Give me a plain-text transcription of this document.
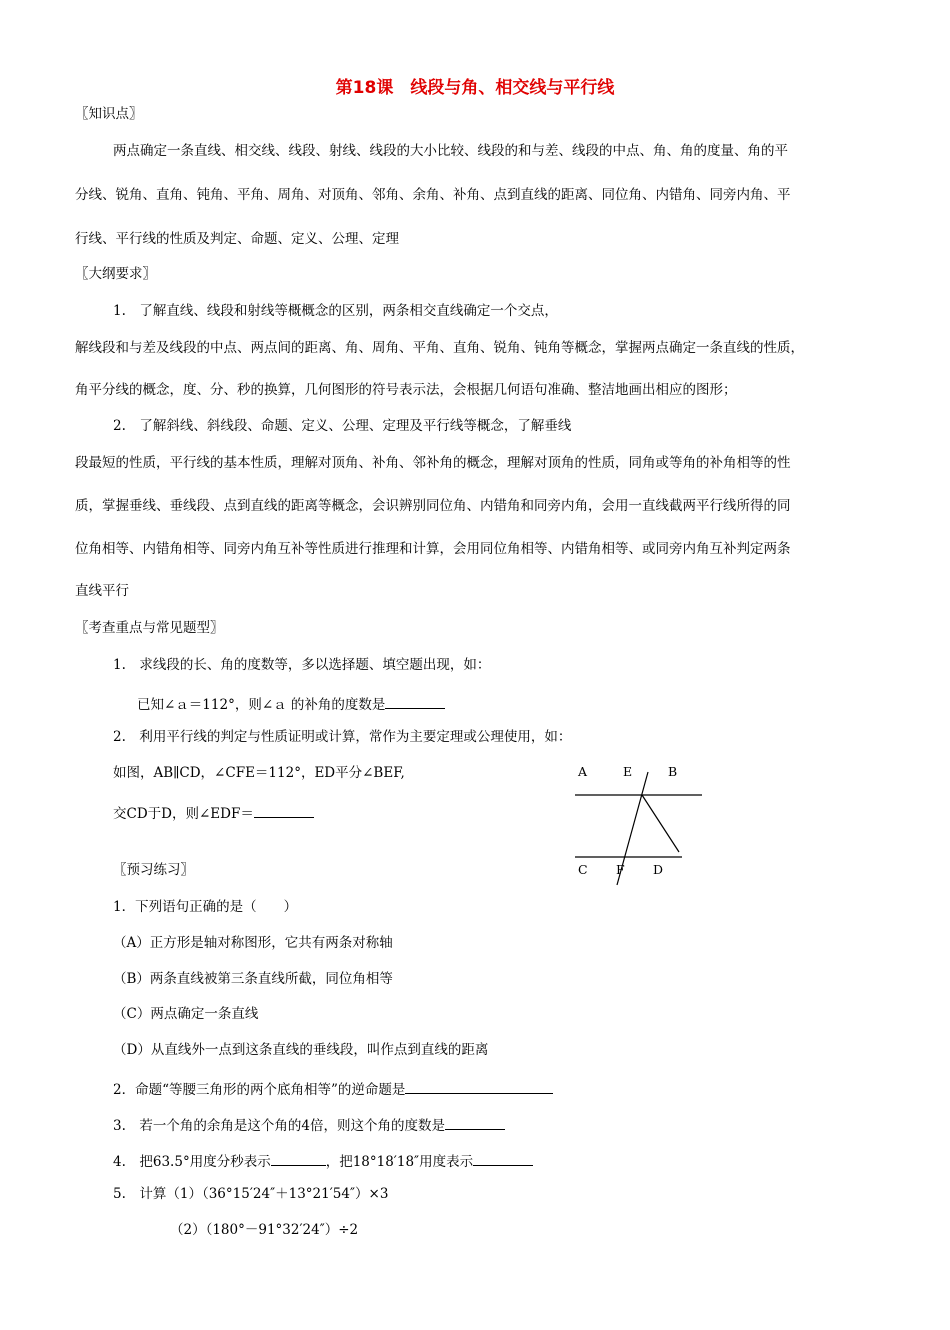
第18课　线段与角、相交线与平行线
〖知识点〗
两点确定一条直线、相交线、线段、射线、线段的大小比较、线段的和与差、线段的中点、角、角的度量、角的平
分线、锐角、直角、钝角、平角、周角、对顶角、邻角、余角、补角、点到直线的距离、同位角、内错角、同旁内角、平
行线、平行线的性质及判定、命题、定义、公理、定理
〖大纲要求〗
1.　了解直线、线段和射线等概概念的区别，两条相交直线确定一个交点，
解线段和与差及线段的中点、两点间的距离、角、周角、平角、直角、锐角、钝角等概念，掌握两点确定一条直线的性质，
角平分线的概念，度、分、秒的换算，几何图形的符号表示法，会根据几何语句准确、整洁地画出相应的图形；
2.　了解斜线、斜线段、命题、定义、公理、定理及平行线等概念，了解垂线
段最短的性质，平行线的基本性质，理解对顶角、补角、邻补角的概念，理解对顶角的性质，同角或等角的补角相等的性
质，掌握垂线、垂线段、点到直线的距离等概念，会识辨别同位角、内错角和同旁内角，会用一直线截两平行线所得的同
位角相等、内错角相等、同旁内角互补等性质进行推理和计算，会用同位角相等、内错角相等、或同旁内角互补判定两条
直线平行
〖考查重点与常见题型〗
1.　求线段的长、角的度数等，多以选择题、填空题出现，如：
已知∠ａ＝112°，则∠ａ 的补角的度数是
2.　利用平行线的判定与性质证明或计算，常作为主要定理或公理使用，如：
如图，AB∥CD，∠CFE＝112°，ED平分∠BEF,
交CD于D，则∠EDF＝
A	E	B
C F D
〖预习练习〗
1．下列语句正确的是（　　）
（A）正方形是轴对称图形，它共有两条对称轴
（B）两条直线被第三条直线所截，同位角相等
（C）两点确定一条直线
（D）从直线外一点到这条直线的垂线段，叫作点到直线的距离
2．命题“等腰三角形的两个底角相等”的逆命题是
3.　若一个角的余角是这个角的4倍，则这个角的度数是
4.　把63.5°用度分秒表示	，把18°18′18″用度表示
5.　计算（1）（36°15′24″＋13°21′54″）×3
（2）（180°－91°32′24″）÷2
